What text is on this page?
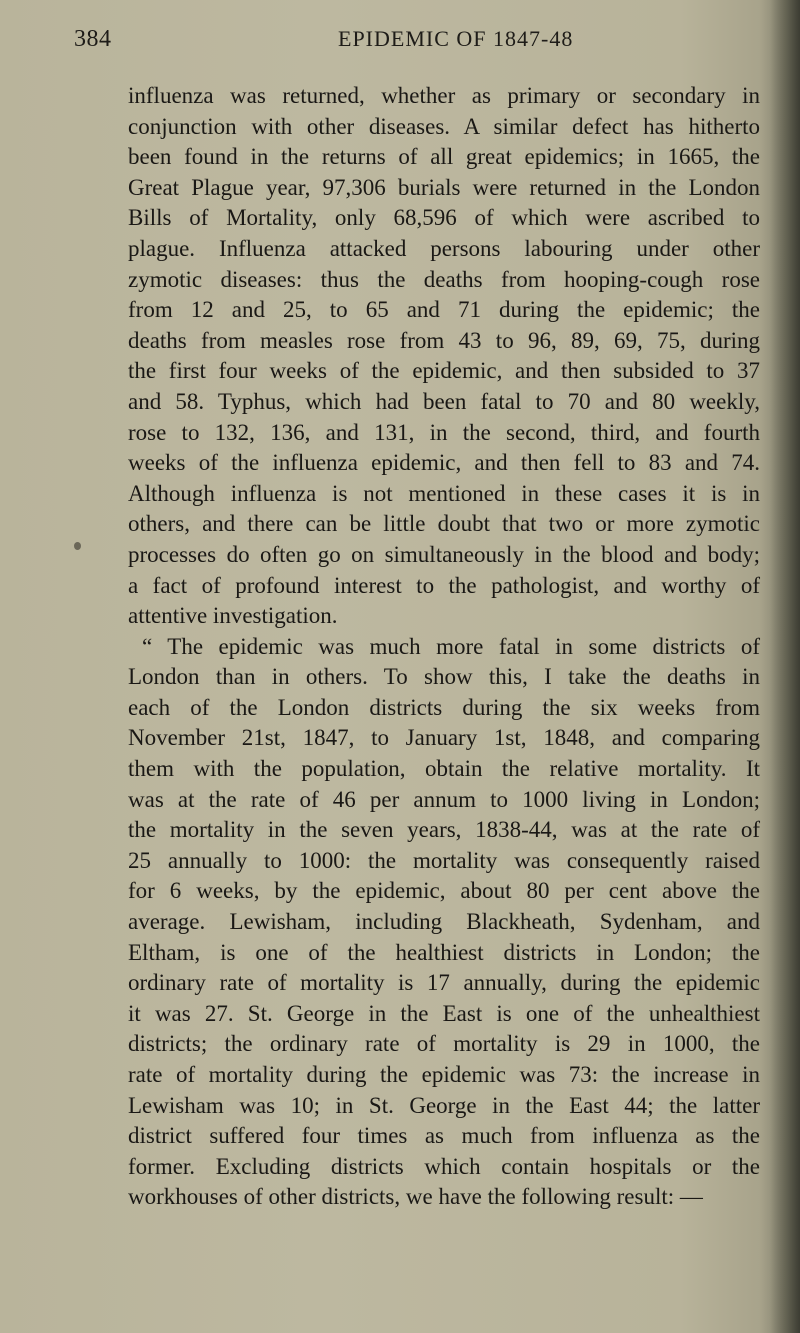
384	EPIDEMIC OF 1847-48
influenza was returned, whether as primary or secondary in
conjunction with other diseases. A similar defect has hitherto
been found in the returns of all great epidemics; in 1665, the
Great Plague year, 97,306 burials were returned in the London
Bills of Mortality, only 68,596 of which were ascribed to
plague. Influenza attacked persons labouring under other
zymotic diseases: thus the deaths from hooping-cough rose
from 12 and 25, to 65 and 71 during the epidemic; the
deaths from measles rose from 43 to 96, 89, 69, 75, during
the first four weeks of the epidemic, and then subsided to 37
and 58. Typhus, which had been fatal to 70 and 80 weekly,
rose to 132, 136, and 131, in the second, third, and fourth
weeks of the influenza epidemic, and then fell to 83 and 74.
Although influenza is not mentioned in these cases it is in
others, and there can be little doubt that two or more zymotic
processes do often go on simultaneously in the blood and body;
a fact of profound interest to the pathologist, and worthy of
attentive investigation.
“ The epidemic was much more fatal in some districts of
London than in others. To show this, I take the deaths in
each of the London districts during the six weeks from
November 21st, 1847, to January 1st, 1848, and comparing
them with the population, obtain the relative mortality. It
was at the rate of 46 per annum to 1000 living in London;
the mortality in the seven years, 1838-44, was at the rate of
25 annually to 1000: the mortality was consequently raised
for 6 weeks, by the epidemic, about 80 per cent above the
average. Lewisham, including Blackheath, Sydenham, and
Eltham, is one of the healthiest districts in London; the
ordinary rate of mortality is 17 annually, during the epidemic
it was 27. St. George in the East is one of the unhealthiest
districts; the ordinary rate of mortality is 29 in 1000, the
rate of mortality during the epidemic was 73: the increase in
Lewisham was 10; in St. George in the East 44; the latter
district suffered four times as much from influenza as the
former. Excluding districts which contain hospitals or the
workhouses of other districts, we have the following result: —
